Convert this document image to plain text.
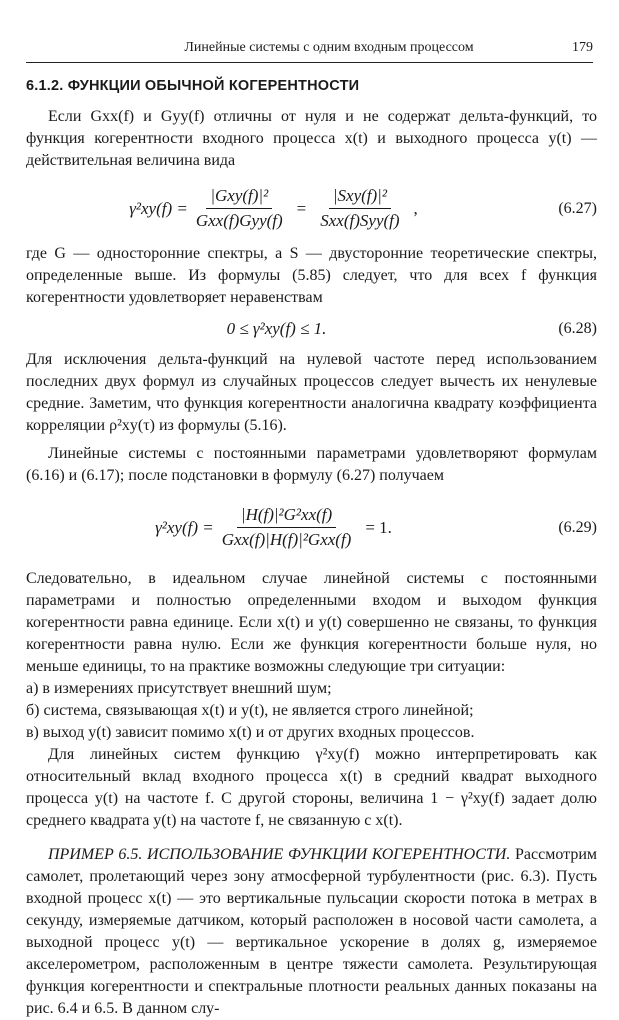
Линейные системы с одним входным процессом	179
6.1.2. ФУНКЦИИ ОБЫЧНОЙ КОГЕРЕНТНОСТИ

Если Gxx(f) и Gyy(f) отличны от нуля и не содержат дельта-функций, то функция когерентности входного процесса x(t) и выходного процесса y(t) — действительная величина вида

$\gamma^2xy(f) = \frac{\text{|Gxy(f)|²}}{\text{Gxx(f)Gyy(f)}} = \frac{\text{|Sxy(f)|²}}{\text{Sxx(f)Syy(f)}}$ ,	(6.27)

где G — односторонние спектры, а S — двусторонние теоретические спектры, определенные выше. Из формулы (5.85) следует, что для всех f функция когерентности удовлетворяет неравенствам

0 ≤ γ²xy(f) ≤ 1.	(6.28)

Для исключения дельта-функций на нулевой частоте перед использованием последних двух формул из случайных процессов следует вычесть их ненулевые средние. Заметим, что функция когерентности аналогична квадрату коэффициента корреляции ρ²xy(τ) из формулы (5.16).

Линейные системы с постоянными параметрами удовлетворяют формулам (6.16) и (6.17); после подстановки в формулу (6.27) получаем

$\gamma^2xy(f) = \frac{\text{|H(f)|²G²xx(f)}}{\text{Gxx(f)|H(f)|²Gxx(f)}} = 1$.	(6.29)

Следовательно, в идеальном случае линейной системы с постоянными параметрами и полностью определенными входом и выходом функция когерентности равна единице. Если x(t) и y(t) совершенно не связаны, то функция когерентности равна нулю. Если же функция когерентности больше нуля, но меньше единицы, то на практике возможны следующие три ситуации:

а) в измерениях присутствует внешний шум;

б) система, связывающая x(t) и y(t), не является строго линейной;

в) выход y(t) зависит помимо x(t) и от других входных процессов.

Для линейных систем функцию γ²xy(f) можно интерпретировать как относительный вклад входного процесса x(t) в средний квадрат выходного процесса y(t) на частоте f. С другой стороны, величина 1 − γ²xy(f) задает долю среднего квадрата y(t) на частоте f, не связанную с x(t).

ПРИМЕР 6.5. ИСПОЛЬЗОВАНИЕ ФУНКЦИИ КОГЕРЕНТНОСТИ. Рассмотрим самолет, пролетающий через зону атмосферной турбулентности (рис. 6.3). Пусть входной процесс x(t) — это вертикальные пульсации скорости потока в метрах в секунду, измеряемые датчиком, который расположен в носовой части самолета, а выходной процесс y(t) — вертикальное ускорение в долях g, измеряемое акселерометром, расположенным в центре тяжести самолета. Результирующая функция когерентности и спектральные плотности реальных данных показаны на рис. 6.4 и 6.5. В данном слу-
